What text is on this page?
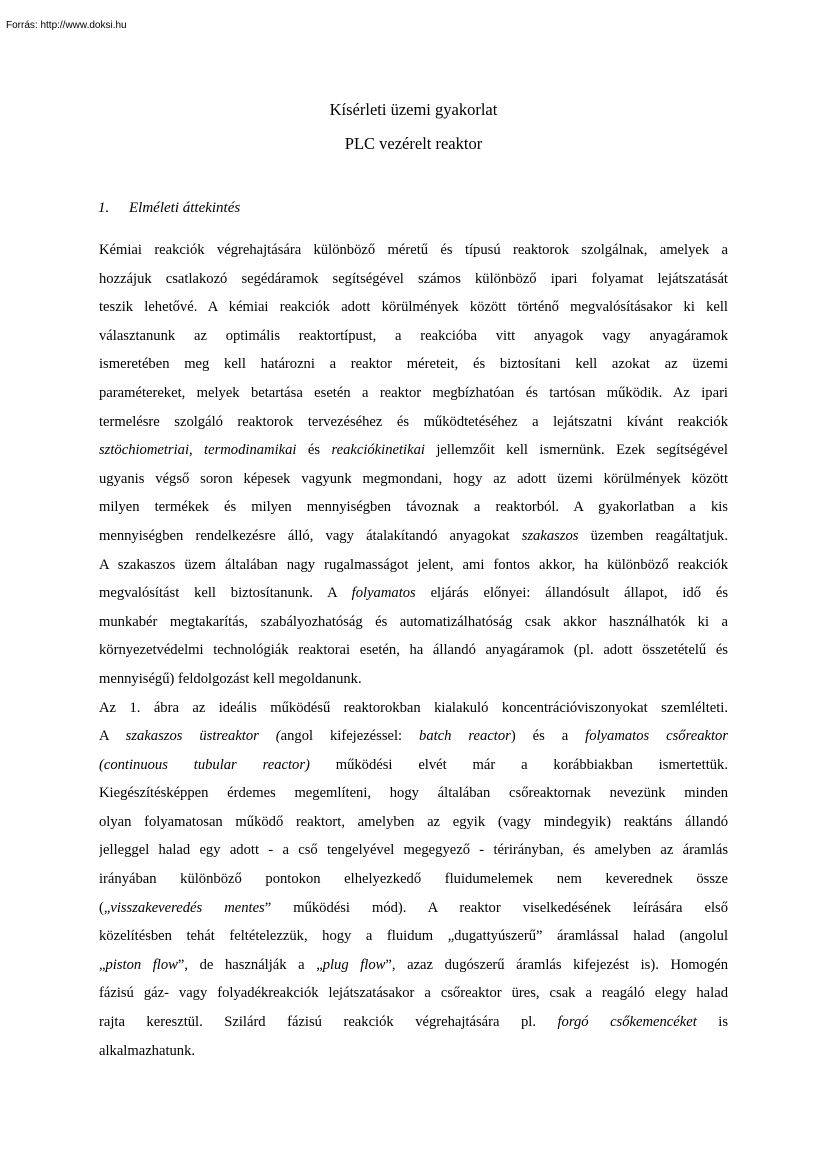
Forrás: http://www.doksi.hu
Kísérleti üzemi gyakorlat
PLC vezérelt reaktor
1. Elméleti áttekintés
Kémiai reakciók végrehajtására különböző méretű és típusú reaktorok szolgálnak, amelyek a
hozzájuk csatlakozó segédáramok segítségével számos különböző ipari folyamat lejátszatását
teszik lehetővé. A kémiai reakciók adott körülmények között történő megvalósításakor ki kell
választanunk az optimális reaktortípust, a reakcióba vitt anyagok vagy anyagáramok
ismeretében meg kell határozni a reaktor méreteit, és biztosítani kell azokat az üzemi
paramétereket, melyek betartása esetén a reaktor megbízhatóan és tartósan működik. Az ipari
termelésre szolgáló reaktorok tervezéséhez és működtetéséhez a lejátszatni kívánt reakciók
sztöchiometriai, termodinamikai és reakciókinetikai jellemzőit kell ismernünk. Ezek segítségével
ugyanis végső soron képesek vagyunk megmondani, hogy az adott üzemi körülmények között
milyen termékek és milyen mennyiségben távoznak a reaktorból. A gyakorlatban a kis
mennyiségben rendelkezésre álló, vagy átalakítandó anyagokat szakaszos üzemben reagáltatjuk.
A szakaszos üzem általában nagy rugalmasságot jelent, ami fontos akkor, ha különböző reakciók
megvalósítást kell biztosítanunk. A folyamatos eljárás előnyei: állandósult állapot, idő és
munkabér megtakarítás, szabályozhatóság és automatizálhatóság csak akkor használhatók ki a
környezetvédelmi technológiák reaktorai esetén, ha állandó anyagáramok (pl. adott összetételű és
mennyiségű) feldolgozást kell megoldanunk.
Az 1. ábra az ideális működésű reaktorokban kialakuló koncentrációviszonyokat szemlélteti.
A szakaszos üstreaktor (angol kifejezéssel: batch reactor) és a folyamatos csőreaktor
(continuous tubular reactor) működési elvét már a korábbiakban ismertettük.
Kiegészítésképpen érdemes megemlíteni, hogy általában csőreaktornak nevezünk minden
olyan folyamatosan működő reaktort, amelyben az egyik (vagy mindegyik) reaktáns állandó
jelleggel halad egy adott - a cső tengelyével megegyező - térirányban, és amelyben az áramlás
irányában különböző pontokon elhelyezkedő fluidumelemek nem keverednek össze
(„visszakeveredés mentes” működési mód). A reaktor viselkedésének leírására első
közelítésben tehát feltételezzük, hogy a fluidum „dugattyúszerű” áramlással halad (angolul
„piston flow”, de használják a „plug flow”, azaz dugószerű áramlás kifejezést is). Homogén
fázisú gáz- vagy folyadékreakciók lejátszatásakor a csőreaktor üres, csak a reagáló elegy halad
rajta keresztül. Szilárd fázisú reakciók végrehajtására pl. forgó csőkemencéket is
alkalmazhatunk.
